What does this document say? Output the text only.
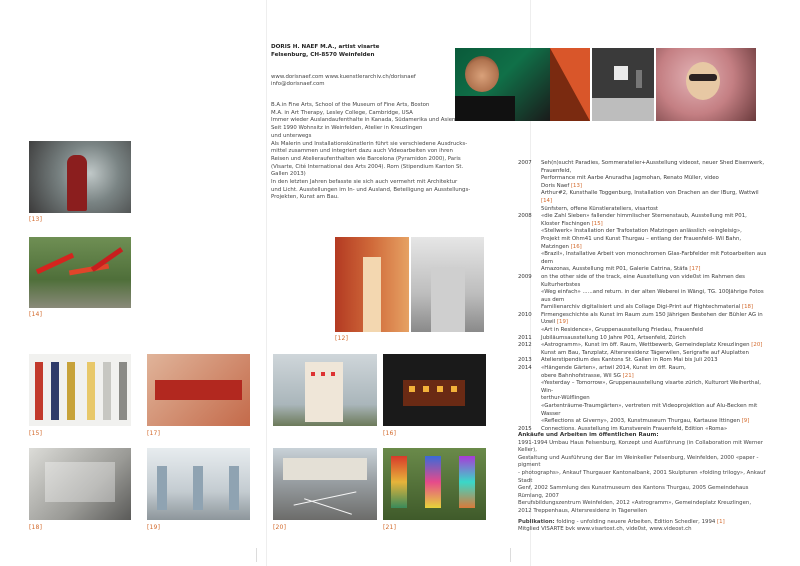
DORIS H. NAEF M.A., artist visarte
Felsenburg, CH-8570 Weinfelden
www.dorisnaef.com www.kuenstlerarchiv.ch/dorisnaef
info@dorisnaef.com
B.A.in Fine Arts, School of the Museum of Fine Arts, Boston
M.A. in Art Therapy, Lesley College, Cambridge, USA
Immer wieder Auslandaufenthalte in Kanada, Südamerika und Asien
Seit 1990 Wohnsitz in Weinfelden, Atelier in Kreuzlingen
und unterwegs
Als Malerin und Installationskünstlerin führt sie verschiedene Ausdrucks-
mittel zusammen und integriert dazu auch Videoarbeiten von ihren
Reisen und Atelieraufenthalten wie Barcelona (Pyramidon 2000), Paris
(Visarte, Cité International des Arts 2004). Rom (Stipendium Kanton St.
Gallen 2013)
In den letzten Jahren befasste sie sich auch vermehrt mit Architektur
und Licht. Ausstellungen im In- und Ausland, Beteiligung an Ausstellungs-
Projekten, Kunst am Bau.
[13]
[14]
[12]
[15]	[17]	[16]
[18]	[19]	[20]	[21]
2007	Seh(n)sucht Paradies, Sommeratelier+Ausstellung videost, neuer Shed Eisenwerk, Frauenfeld,
Performance mit Aarbe Anuradha Jagmohan, Renato Müller, video
Doris Naef [13]
Arthur#2, Kunsthalle Toggenburg, Installation von Drachen an der IBurg, Wattwil [14]
5ünfstern, offene Künstlerateliers, visartost
2008	«die Zahl Sieben» fallender himmlischer Sternenstaub, Ausstellung mit P01,
Kloster Fischingen [15]
«Stellwerk» Installation der Trafostation Matzingen anlässlich «eingleisig»,
Projekt mit Ohm41 und Kunst Thurgau – entlang der Frauenfeld- Wil Bahn, Matzingen [16]
«Brazil», Installative Arbeit von monochromen Glas-Farbfelder mit Fotoarbeiten aus dem
Amazonas, Ausstellung mit P01, Galerie Catrina, Stäfa [17]
2009	on the other side of the track, eine Ausstellung von vide0st im Rahmen des Kulturherbstes
«Weg einfach» ......and return. in der alten Weberei in Wängi, TG. 100Jährige Fotos aus dem
Familienarchiv digitalisiert und als Collage Digi-Print auf Hightechmaterial [18]
2010	Firmengeschichte als Kunst im Raum zum 150 Jährigen Bestehen der Bühler AG in Uzwil [19]
«Art in Residence», Gruppenausstellung Friedau, Frauenfeld
2011	Jubiläumsausstellung 10 Jahre P01, Artsenfeld, Zürich
2012	«Astrogramm», Kunst im öff. Raum, Wettbewerb, Gemeindeplatz Kreuzlingen [20]
Kunst am Bau, Tanzplatz, Altersresidenz Tägerwilen, Serigrafie auf Aluplatten
2013	Atelierstipendium des Kantons St. Gallen in Rom Mai bis Juli 2013
2014	«Hängende Gärten», artwil 2014, Kunst im öff. Raum,
obere Bahnhofstrasse, Wil SG [21]
«Yesterday – Tomorrow», Gruppenausstellung visarte zürich, Kulturort Weiherthal, Win-
terthur-Wülflingen
«Gartenträume-Traumgärten», vertreten mit Videoprojektion auf Alu-Becken mit Wasser
«Reflections at Giverny», 2003, Kunstmuseum Thurgau, Kartause Ittingen [9]
2015	Connections. Ausstellung im Kunstverein Frauenfeld, Edition «Roma»
Ankäufe und Arbeiten im öffentlichen Raum:
1991-1994 Umbau Haus Felsenburg, Konzept und Ausführung (in Collaboration mit Werner Keller),
Gestaltung und Ausführung der Bar im Weinkeller Felsenburg, Weinfelden, 2000 «paper - pigment
- photographs», Ankauf Thurgauer Kantonalbank, 2001 Skulpturen «folding trilogy», Ankauf Stadt
Genf, 2002 Sammlung des Kunstmuseum des Kantons Thurgau, 2005 Gemeindehaus Rümlang, 2007
Berufsbildungszentrum Weinfelden, 2012 «Astrogramm», Gemeindeplatz Kreuzlingen,
2012 Treppenhaus, Altersresidenz in Tägerwilen
Publikation: folding - unfolding neuere Arbeiten, Edition Schedler, 1994 [1]
Mitglied VISARTE bvk www.visartost.ch, vide0st, www.videost.ch
